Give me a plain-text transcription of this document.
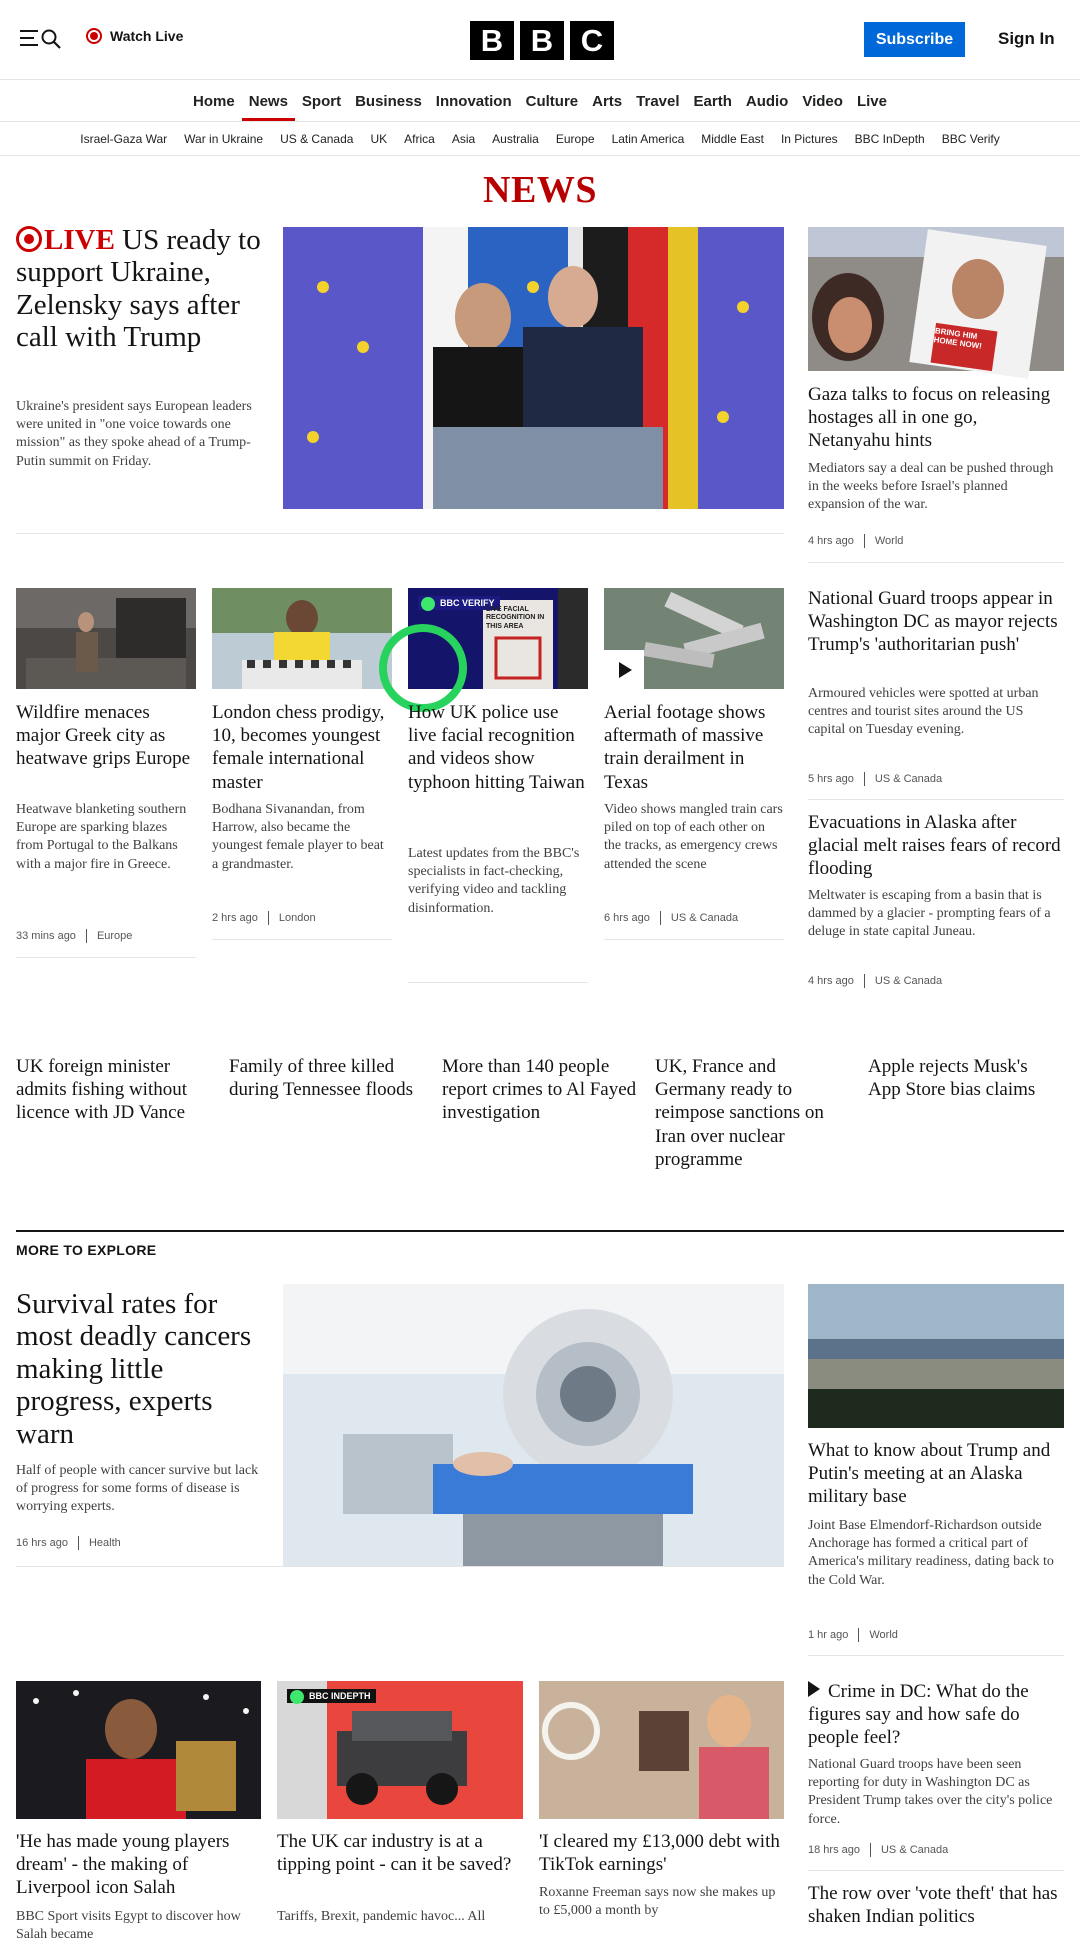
Watch Live	B B C	Subscribe	Sign In
Home News Sport Business Innovation Culture Arts Travel Earth Audio Video Live
Israel-Gaza War	War in Ukraine	US & Canada	UK	Africa	Asia	Australia	Europe	Latin America	Middle East	In Pictures	BBC InDepth	BBC Verify
NEWS
LIVE US ready to support Ukraine, Zelensky says after call with Trump
Ukraine's president says European leaders were united in "one voice towards one mission" as they spoke ahead of a Trump-Putin summit on Friday.
BRING HIM HOME NOW!
Gaza talks to focus on releasing hostages all in one go, Netanyahu hints
Mediators say a deal can be pushed through in the weeks before Israel's planned expansion of the war.
4 hrs ago World
BBC VERIFY
LIVE FACIAL RECOGNITION IN THIS AREA
Wildfire menaces major Greek city as heatwave grips Europe
Heatwave blanketing southern Europe are sparking blazes from Portugal to the Balkans with a major fire in Greece.
33 mins ago Europe
London chess prodigy, 10, becomes youngest female international master
Bodhana Sivanandan, from Harrow, also became the youngest female player to beat a grandmaster.
2 hrs ago London
How UK police use live facial recognition and videos show typhoon hitting Taiwan
Latest updates from the BBC's specialists in fact-checking, verifying video and tackling disinformation.
Aerial footage shows aftermath of massive train derailment in Texas
Video shows mangled train cars piled on top of each other on the tracks, as emergency crews attended the scene
6 hrs ago US & Canada
National Guard troops appear in Washington DC as mayor rejects Trump's 'authoritarian push'
Armoured vehicles were spotted at urban centres and tourist sites around the US capital on Tuesday evening.
5 hrs ago US & Canada
Evacuations in Alaska after glacial melt raises fears of record flooding
Meltwater is escaping from a basin that is dammed by a glacier - prompting fears of a deluge in state capital Juneau.
4 hrs ago US & Canada
UK foreign minister admits fishing without licence with JD Vance
Family of three killed during Tennessee floods
More than 140 people report crimes to Al Fayed investigation
UK, France and Germany ready to reimpose sanctions on Iran over nuclear programme
Apple rejects Musk's App Store bias claims
MORE TO EXPLORE
Survival rates for most deadly cancers making little progress, experts warn
Half of people with cancer survive but lack of progress for some forms of disease is worrying experts.
16 hrs ago Health
What to know about Trump and Putin's meeting at an Alaska military base
Joint Base Elmendorf-Richardson outside Anchorage has formed a critical part of America's military readiness, dating back to the Cold War.
1 hr ago World
BBC INDEPTH
'He has made young players dream' - the making of Liverpool icon Salah
BBC Sport visits Egypt to discover how Salah became
The UK car industry is at a tipping point - can it be saved?
Tariffs, Brexit, pandemic havoc... All
'I cleared my £13,000 debt with TikTok earnings'
Roxanne Freeman says now she makes up to £5,000 a month by
Crime in DC: What do the figures say and how safe do people feel?
National Guard troops have been seen reporting for duty in Washington DC as President Trump takes over the city's police force.
18 hrs ago US & Canada
The row over 'vote theft' that has shaken Indian politics
